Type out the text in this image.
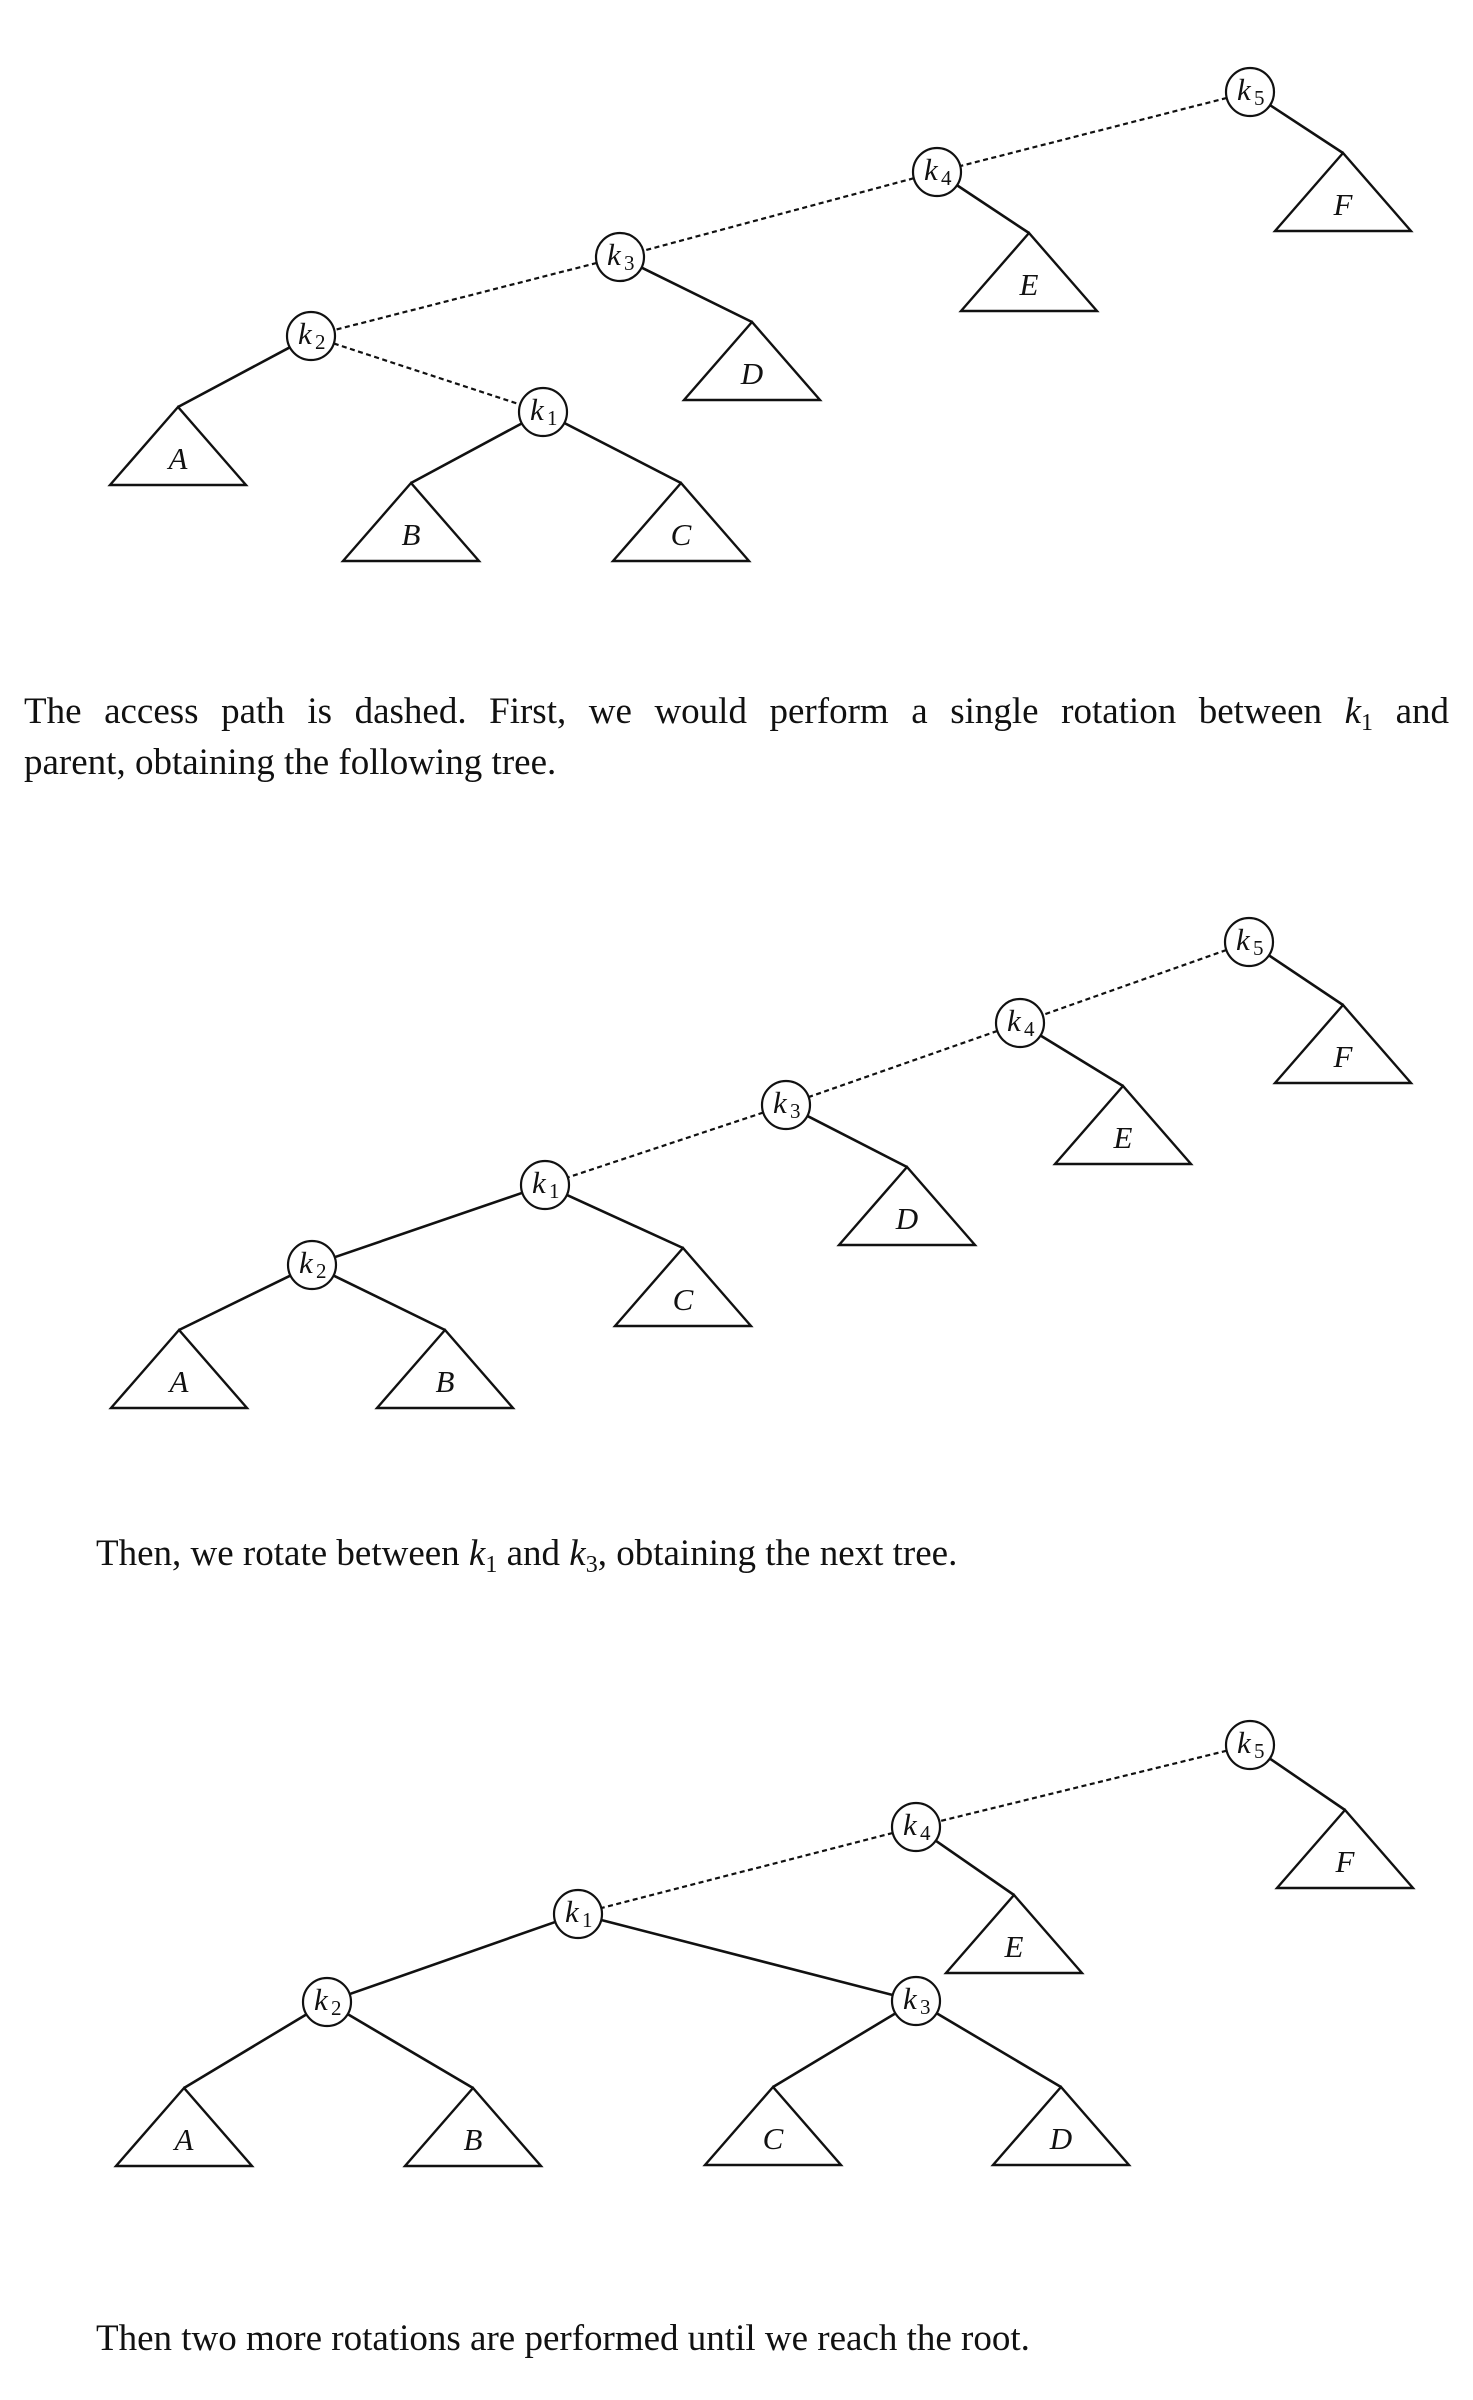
F
E
D
A
B	C
k 5
k 4
k 3
k 2
k 1
F
E
D
C
A	B
k 5
k 4
k 3
k 1
k 2
F
E
A	B	C	D
k 5
k 4
k 1
k 2	k 3

The access path is dashed. First, we would perform a single rotation between $k_1$ and
parent, obtaining the following tree.

Then, we rotate between $k_1$ and $k_3$, obtaining the next tree.

Then two more rotations are performed until we reach the root.
